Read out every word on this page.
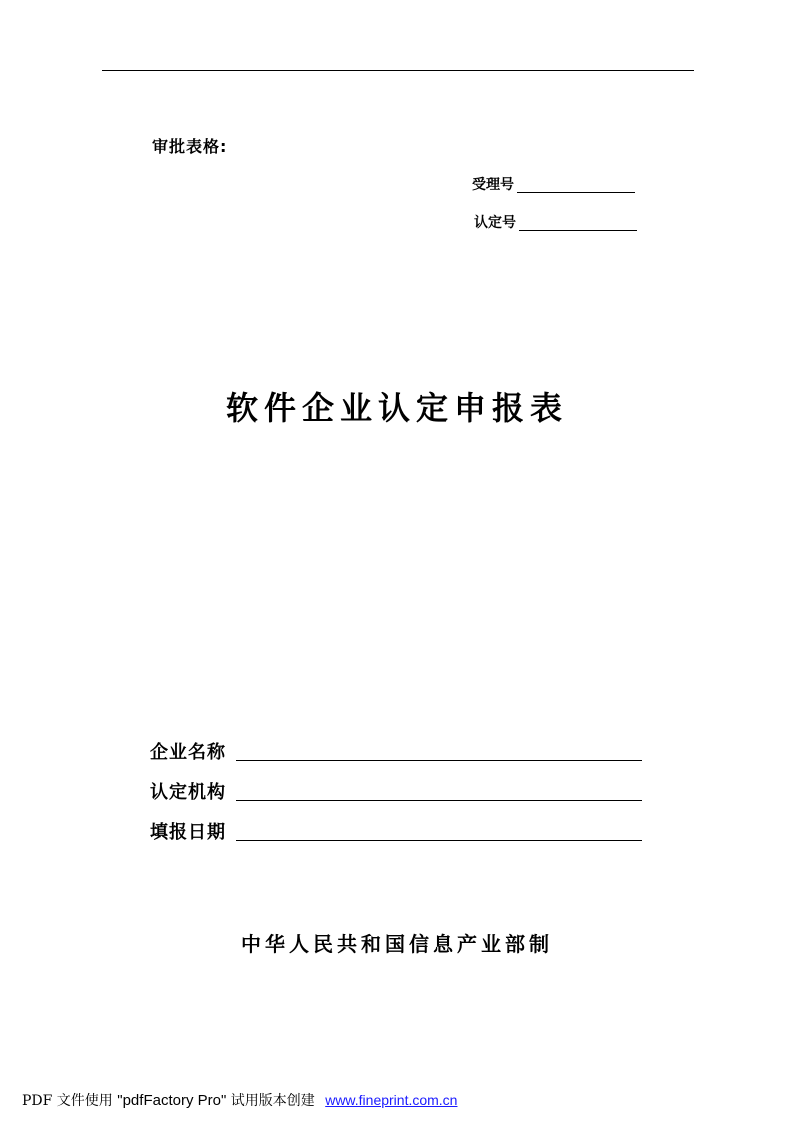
审批表格:
受理号
认定号
软件企业认定申报表
企业名称
认定机构
填报日期
中华人民共和国信息产业部制
PDF 文件使用 "pdfFactory Pro" 试用版本创建 www.fineprint.com.cn
